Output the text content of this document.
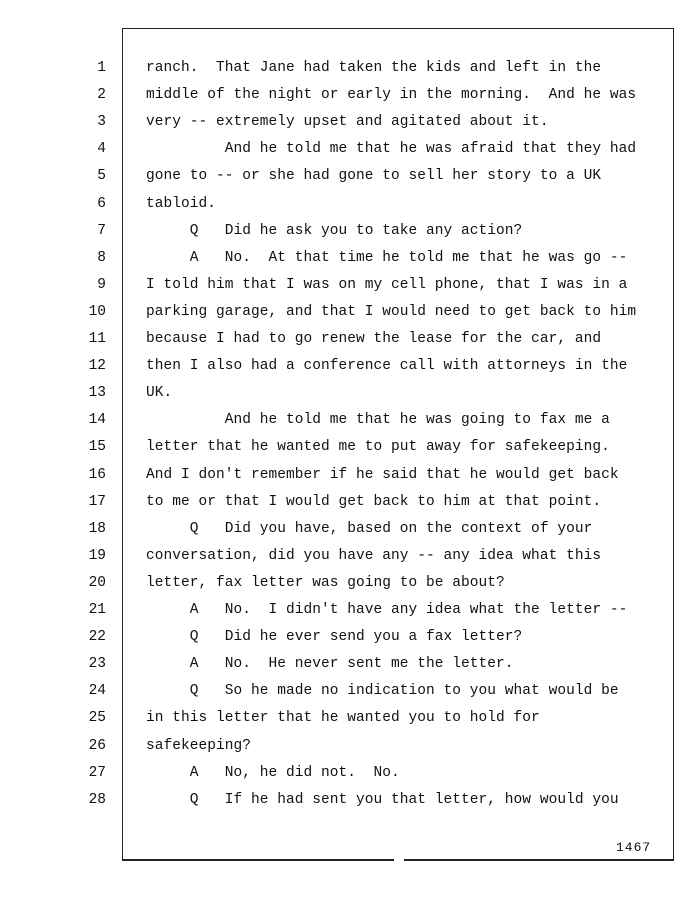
1	ranch.  That Jane had taken the kids and left in the
2	middle of the night or early in the morning.  And he was
3	very -- extremely upset and agitated about it.
4	And he told me that he was afraid that they had
5	gone to -- or she had gone to sell her story to a UK
6	tabloid.
7	Q   Did he ask you to take any action?
8	A   No.  At that time he told me that he was go --
9	I told him that I was on my cell phone, that I was in a
10	parking garage, and that I would need to get back to him
11	because I had to go renew the lease for the car, and
12	then I also had a conference call with attorneys in the
13	UK.
14	And he told me that he was going to fax me a
15	letter that he wanted me to put away for safekeeping.
16	And I don't remember if he said that he would get back
17	to me or that I would get back to him at that point.
18	Q   Did you have, based on the context of your
19	conversation, did you have any -- any idea what this
20	letter, fax letter was going to be about?
21	A   No.  I didn't have any idea what the letter --
22	Q   Did he ever send you a fax letter?
23	A   No.  He never sent me the letter.
24	Q   So he made no indication to you what would be
25	in this letter that he wanted you to hold for
26	safekeeping?
27	A   No, he did not.  No.
28	Q   If he had sent you that letter, how would you
1467
